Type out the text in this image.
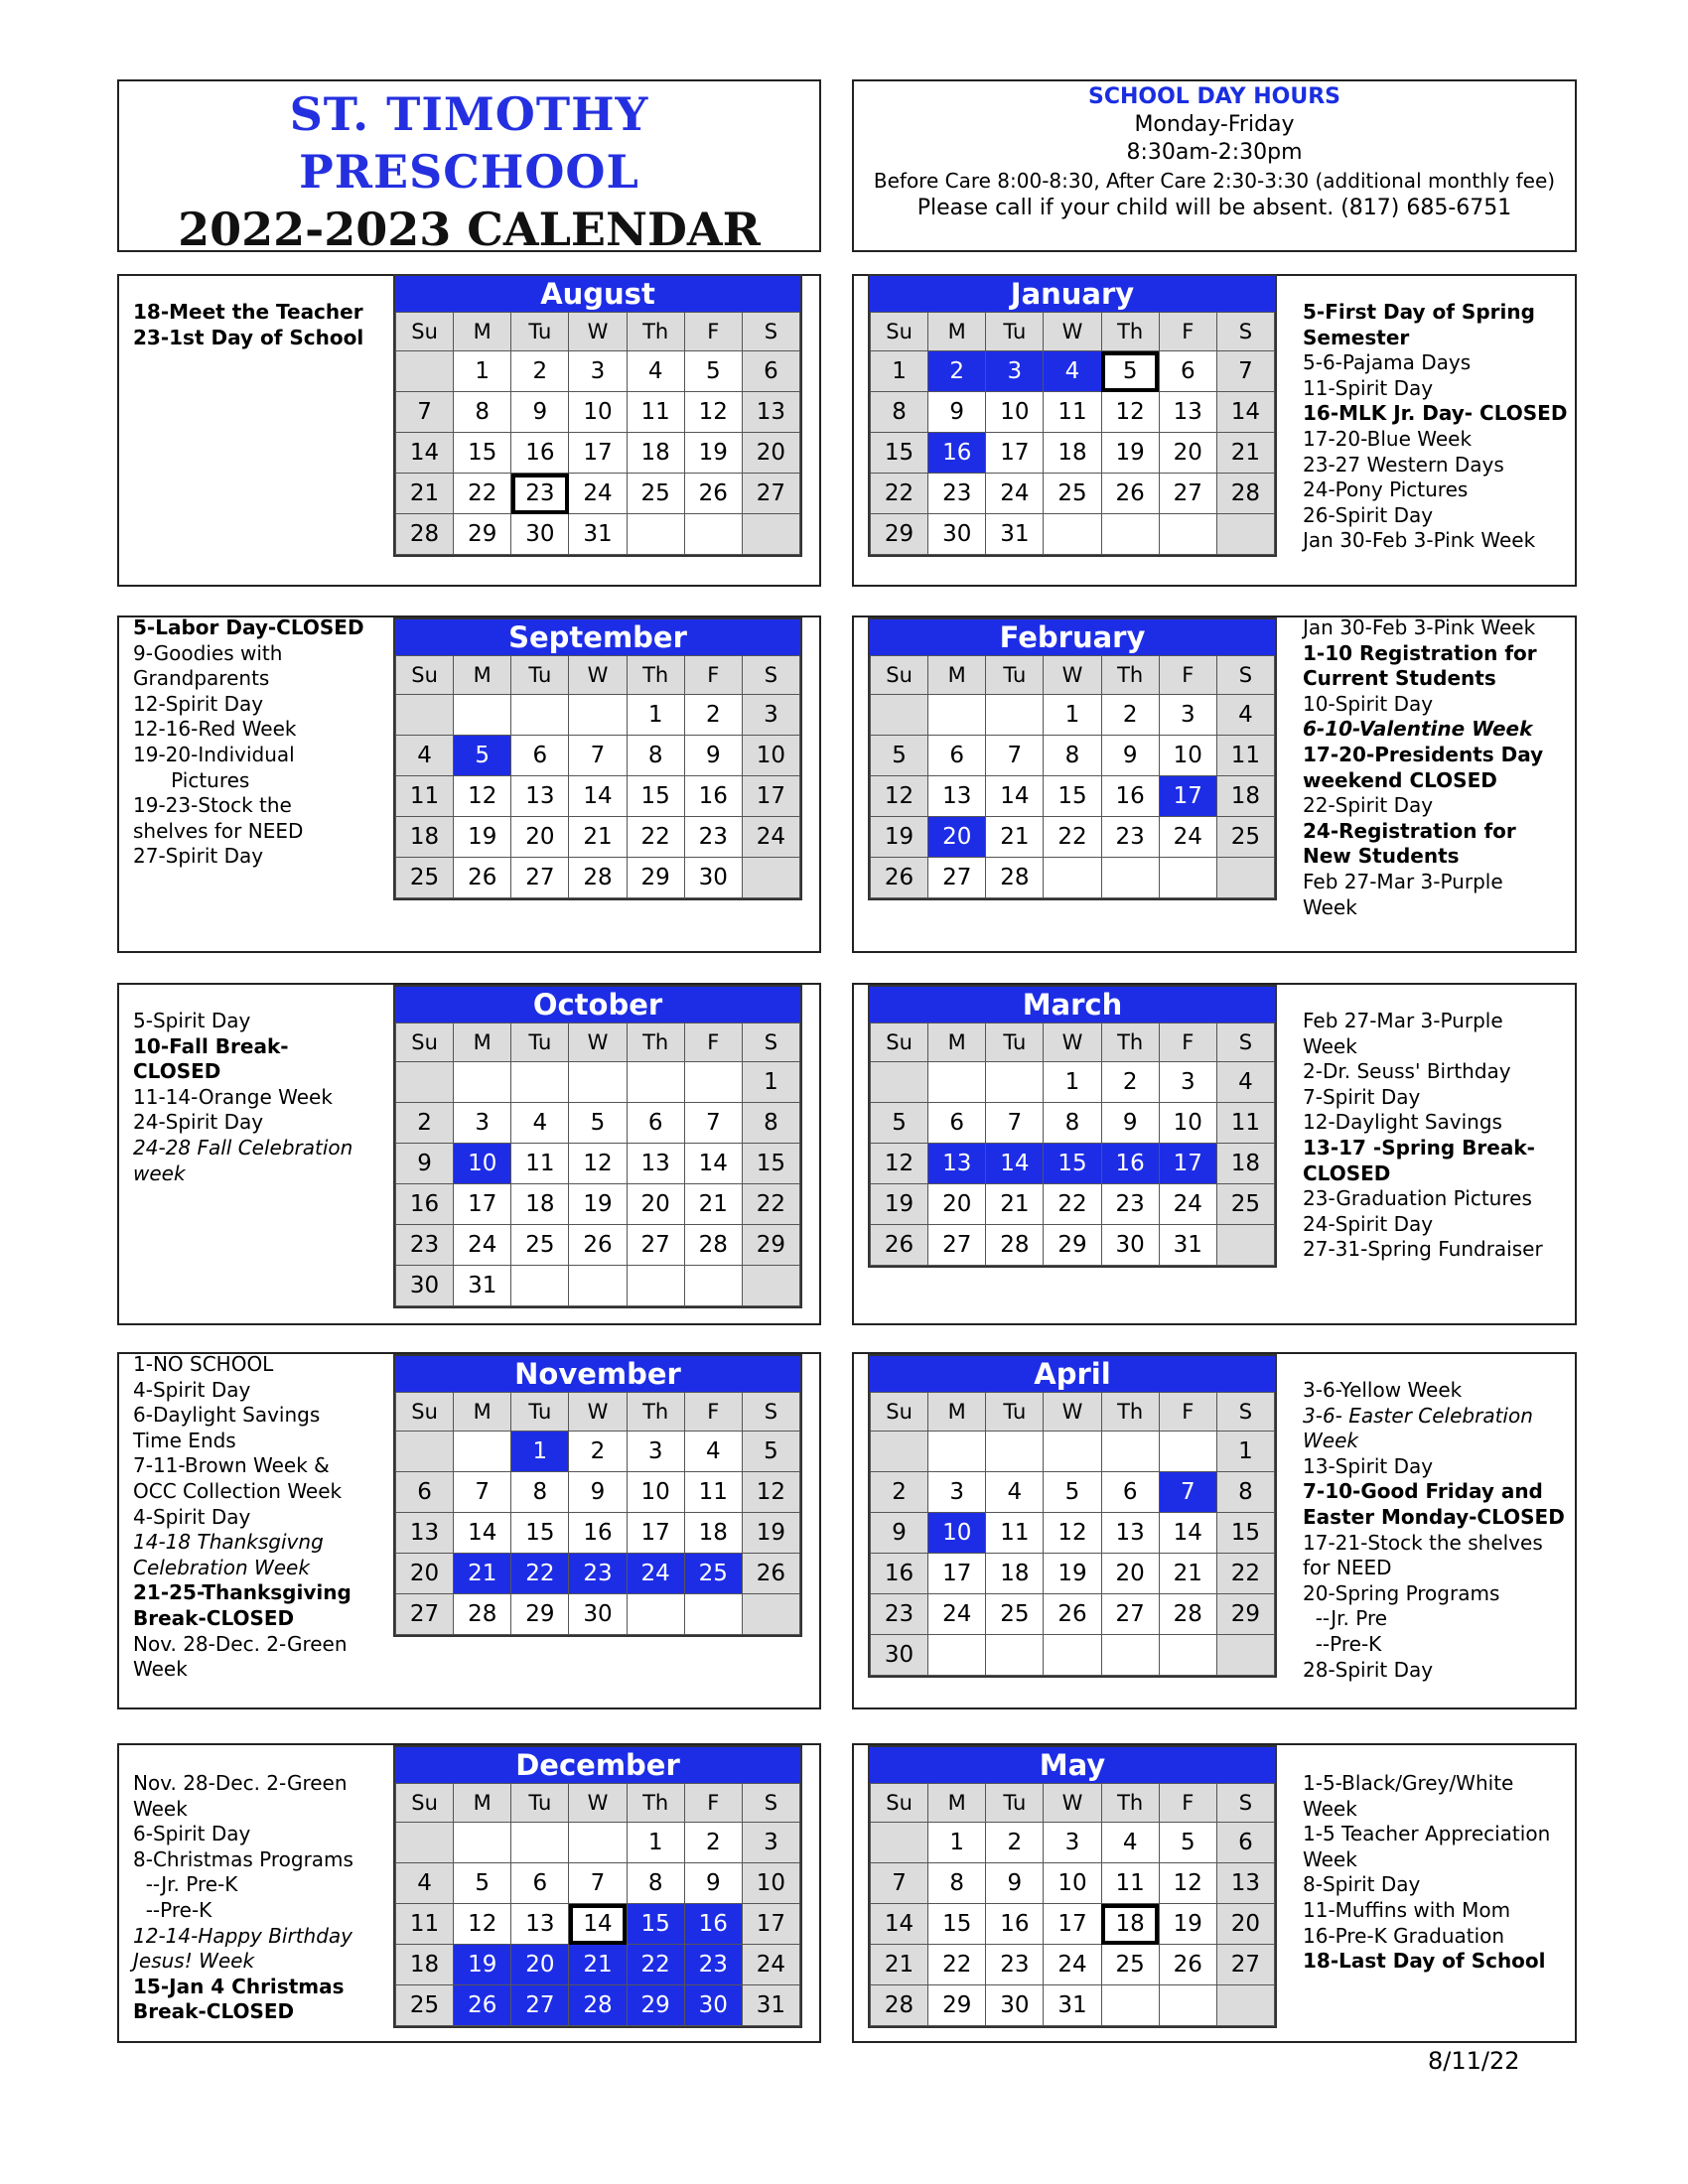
ST. TIMOTHY
PRESCHOOL
2022-2023 CALENDAR
SCHOOL DAY HOURS
Monday-Friday
8:30am-2:30pm
Before Care 8:00-8:30, After Care 2:30-3:30 (additional monthly fee)
Please call if your child will be absent. (817) 685-6751
18-Meet the Teacher
23-1st Day of School
August
Su	M	Tu	W	Th	F	S
	1	2	3	4	5	6
7	8	9	10	11	12	13
14	15	16	17	18	19	20
21	22	23	24	25	26	27
28	29	30	31			
5-First Day of Spring
Semester
5-6-Pajama Days
11-Spirit Day
16-MLK Jr. Day- CLOSED
17-20-Blue Week
23-27 Western Days
24-Pony Pictures
26-Spirit Day
Jan 30-Feb 3-Pink Week
January
Su	M	Tu	W	Th	F	S
1	2	3	4	5	6	7
8	9	10	11	12	13	14
15	16	17	18	19	20	21
22	23	24	25	26	27	28
29	30	31				
5-Labor Day-CLOSED
9-Goodies with
Grandparents
12-Spirit Day
12-16-Red Week
19-20-Individual
Pictures
19-23-Stock the
shelves for NEED
27-Spirit Day
September
Su	M	Tu	W	Th	F	S
				1	2	3
4	5	6	7	8	9	10
11	12	13	14	15	16	17
18	19	20	21	22	23	24
25	26	27	28	29	30	
Jan 30-Feb 3-Pink Week
1-10 Registration for
Current Students
10-Spirit Day
6-10-Valentine Week
17-20-Presidents Day
weekend CLOSED
22-Spirit Day
24-Registration for
New Students
Feb 27-Mar 3-Purple
Week
February
Su	M	Tu	W	Th	F	S
			1	2	3	4
5	6	7	8	9	10	11
12	13	14	15	16	17	18
19	20	21	22	23	24	25
26	27	28				
5-Spirit Day
10-Fall Break-
CLOSED
11-14-Orange Week
24-Spirit Day
24-28 Fall Celebration
week
October
Su	M	Tu	W	Th	F	S
						1
2	3	4	5	6	7	8
9	10	11	12	13	14	15
16	17	18	19	20	21	22
23	24	25	26	27	28	29
30	31					
Feb 27-Mar 3-Purple
Week
2-Dr. Seuss' Birthday
7-Spirit Day
12-Daylight Savings
13-17 -Spring Break-
CLOSED
23-Graduation Pictures
24-Spirit Day
27-31-Spring Fundraiser
March
Su	M	Tu	W	Th	F	S
			1	2	3	4
5	6	7	8	9	10	11
12	13	14	15	16	17	18
19	20	21	22	23	24	25
26	27	28	29	30	31	
1-NO SCHOOL
4-Spirit Day
6-Daylight Savings
Time Ends
7-11-Brown Week &
OCC Collection Week
4-Spirit Day
14-18 Thanksgivng
Celebration Week
21-25-Thanksgiving
Break-CLOSED
Nov. 28-Dec. 2-Green
Week
November
Su	M	Tu	W	Th	F	S
		1	2	3	4	5
6	7	8	9	10	11	12
13	14	15	16	17	18	19
20	21	22	23	24	25	26
27	28	29	30			
3-6-Yellow Week
3-6- Easter Celebration
Week
13-Spirit Day
7-10-Good Friday and
Easter Monday-CLOSED
17-21-Stock the shelves
for NEED
20-Spring Programs
--Jr. Pre
--Pre-K
28-Spirit Day
April
Su	M	Tu	W	Th	F	S
						1
2	3	4	5	6	7	8
9	10	11	12	13	14	15
16	17	18	19	20	21	22
23	24	25	26	27	28	29
30						
Nov. 28-Dec. 2-Green
Week
6-Spirit Day
8-Christmas Programs
--Jr. Pre-K
--Pre-K
12-14-Happy Birthday
Jesus! Week
15-Jan 4 Christmas
Break-CLOSED
December
Su	M	Tu	W	Th	F	S
				1	2	3
4	5	6	7	8	9	10
11	12	13	14	15	16	17
18	19	20	21	22	23	24
25	26	27	28	29	30	31
1-5-Black/Grey/White
Week
1-5 Teacher Appreciation
Week
8-Spirit Day
11-Muffins with Mom
16-Pre-K Graduation
18-Last Day of School
May
Su	M	Tu	W	Th	F	S
	1	2	3	4	5	6
7	8	9	10	11	12	13
14	15	16	17	18	19	20
21	22	23	24	25	26	27
28	29	30	31			
8/11/22
